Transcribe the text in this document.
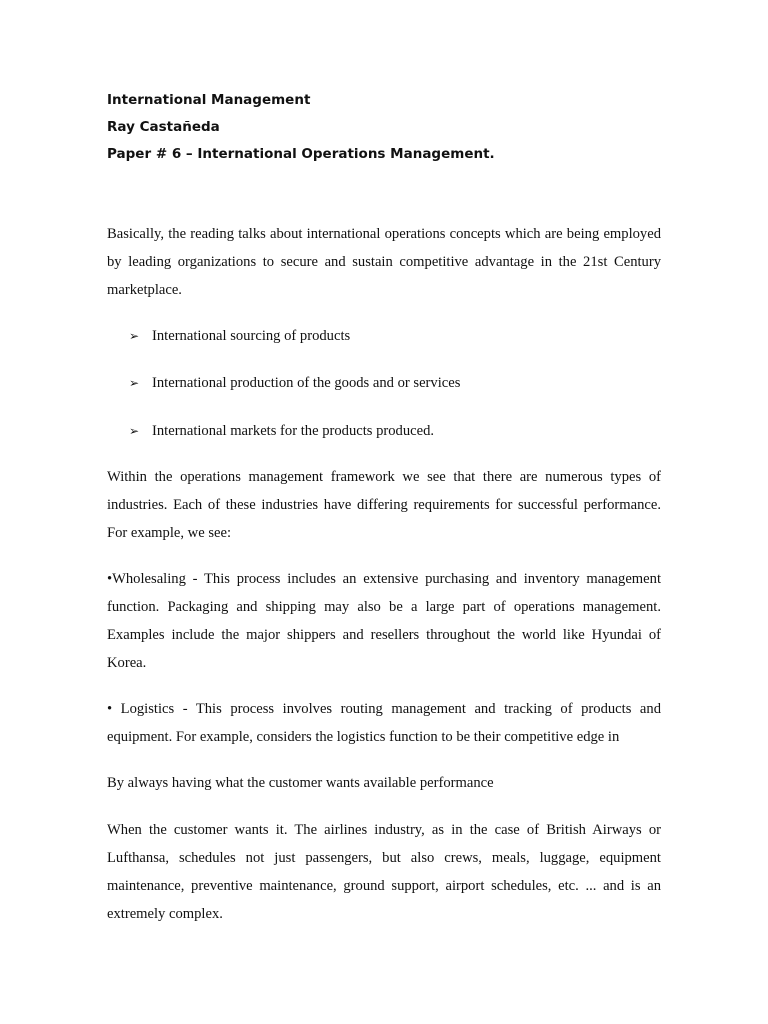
International Management
Ray Castañeda
Paper # 6 – International Operations Management.

Basically, the reading talks about international operations concepts which are being employed by leading organizations to secure and sustain competitive advantage in the 21st Century marketplace.

➢ International sourcing of products
➢ International production of the goods and or services
➢ International markets for the products produced.

Within the operations management framework we see that there are numerous types of industries. Each of these industries have differing requirements for successful performance. For example, we see:

•Wholesaling - This process includes an extensive purchasing and inventory management function. Packaging and shipping may also be a large part of operations management. Examples include the major shippers and resellers throughout the world like Hyundai of Korea.

• Logistics - This process involves routing management and tracking of products and equipment. For example, considers the logistics function to be their competitive edge in

By always having what the customer wants available performance

When the customer wants it. The airlines industry, as in the case of British Airways or Lufthansa, schedules not just passengers, but also crews, meals, luggage, equipment maintenance, preventive maintenance, ground support, airport schedules, etc. ... and is an extremely complex.
